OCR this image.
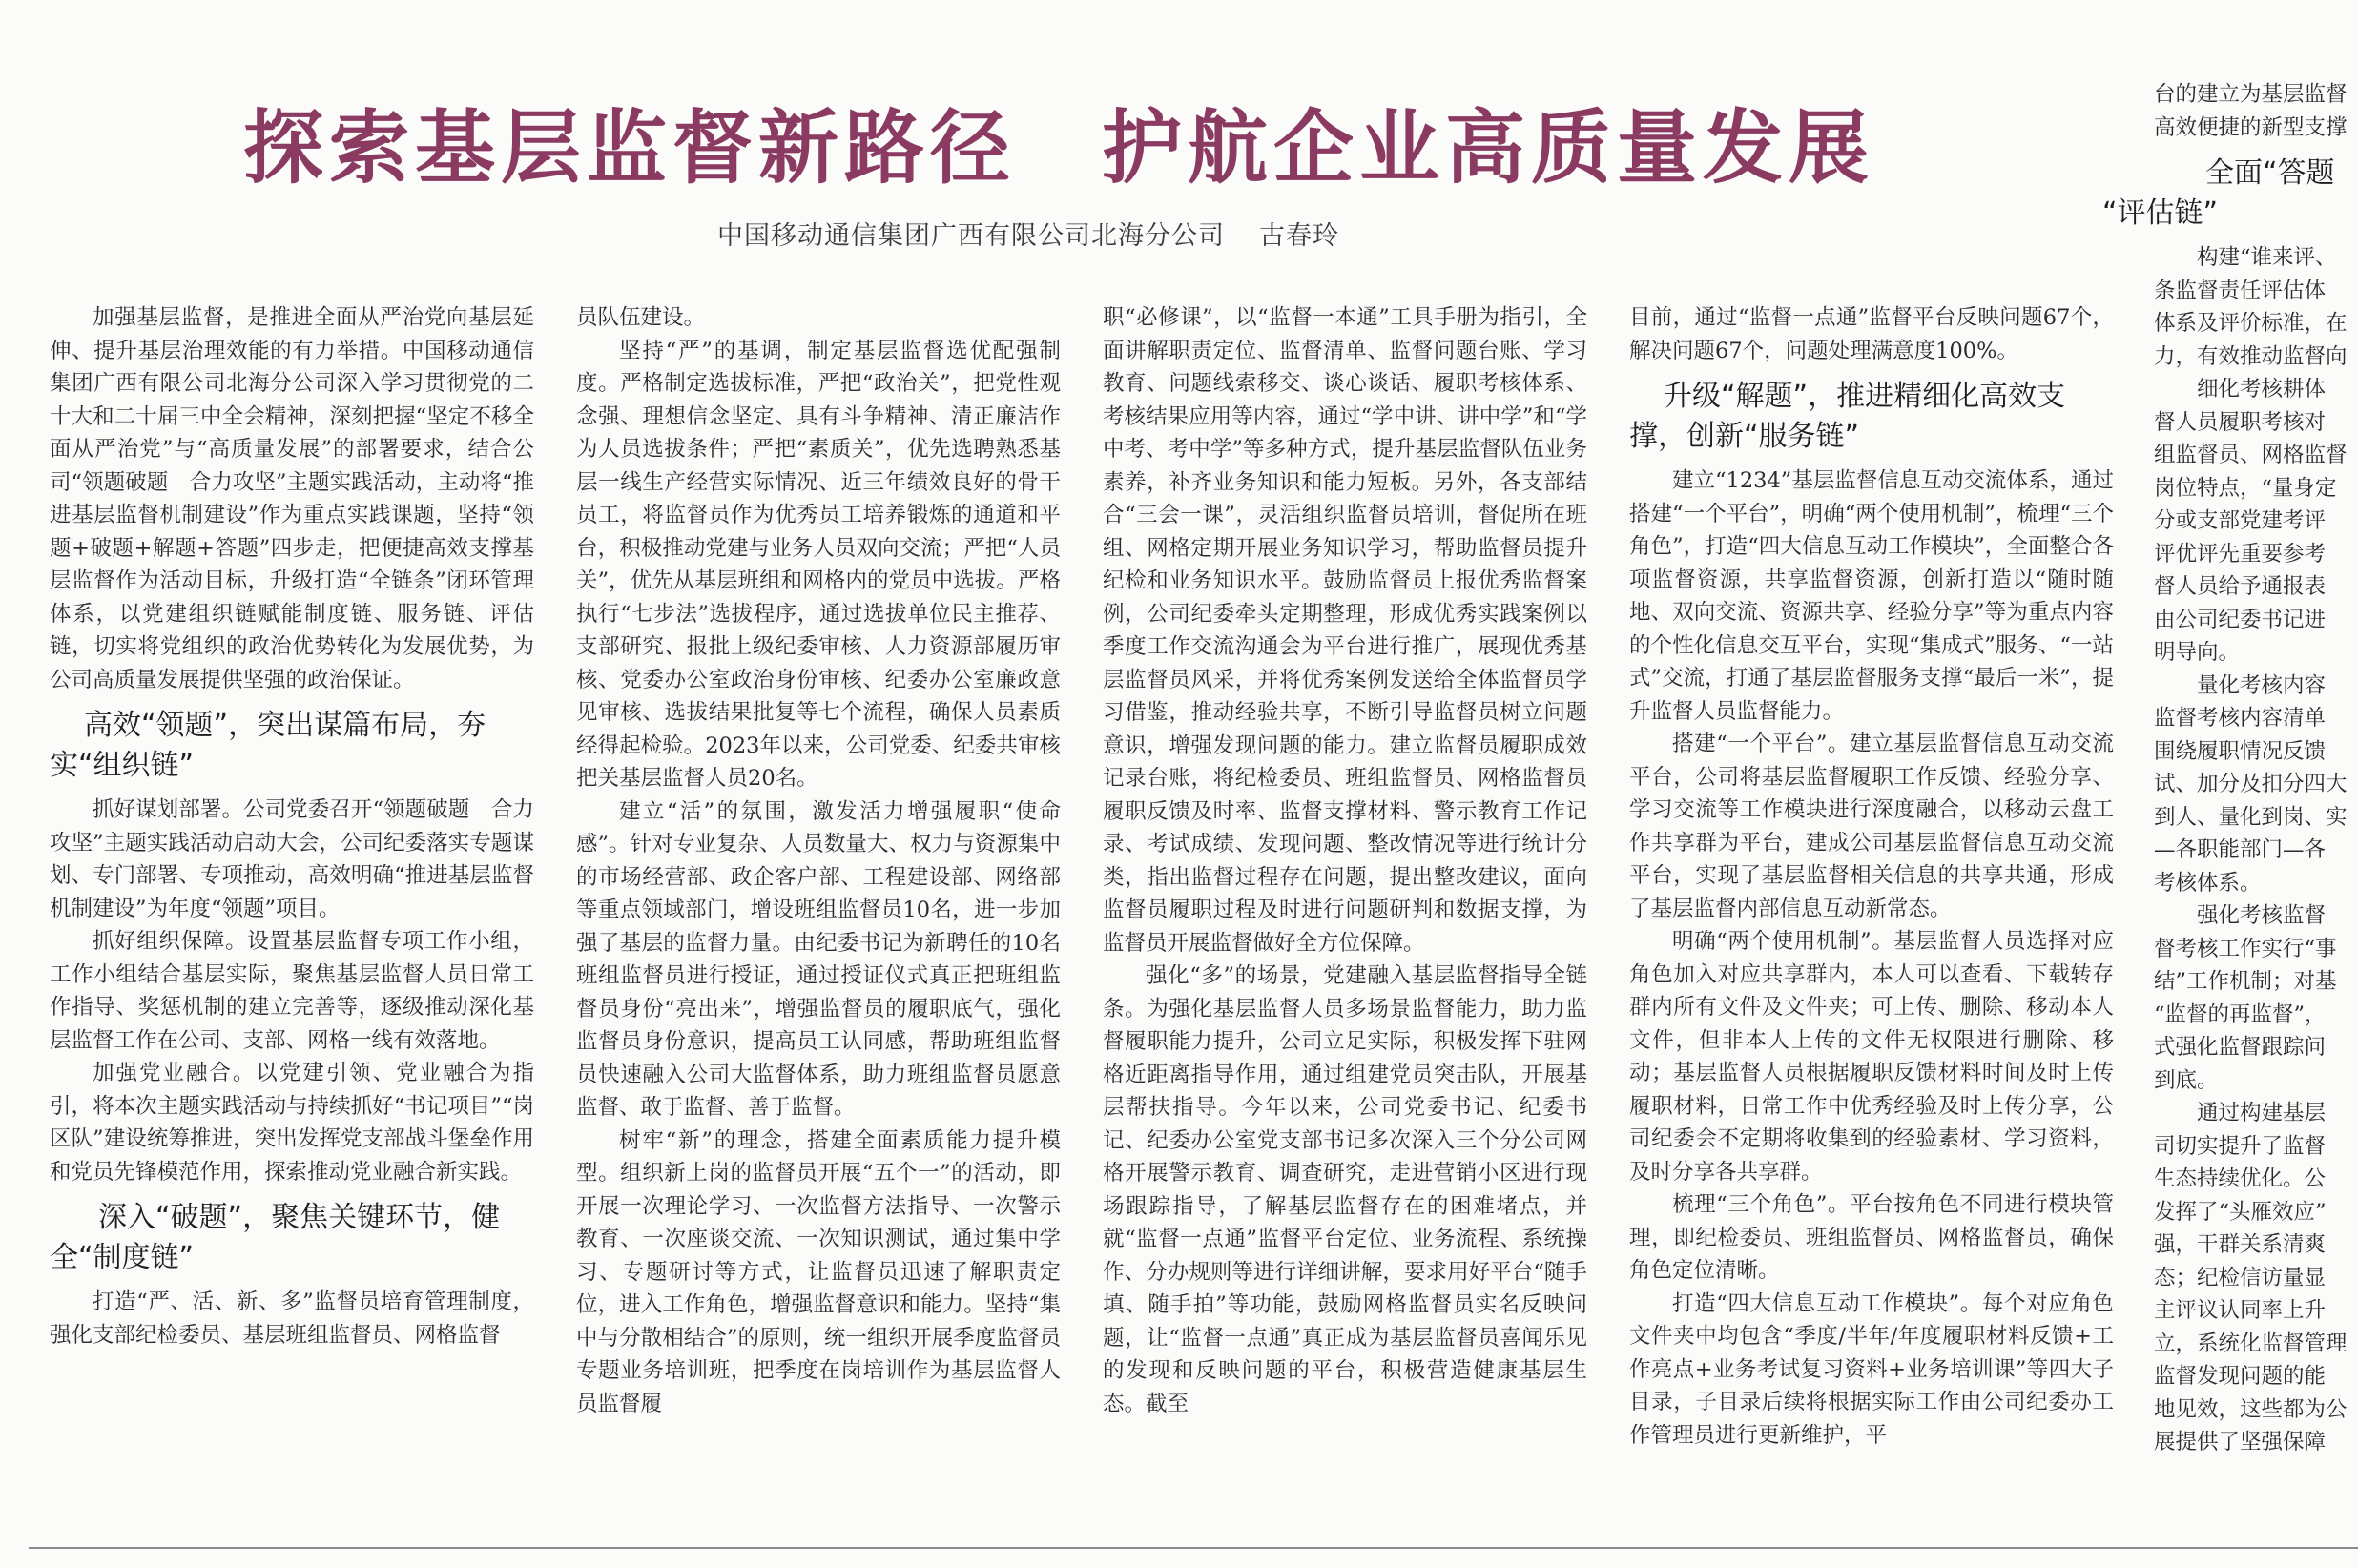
探索基层监督新路径　护航企业高质量发展
中国移动通信集团广西有限公司北海分公司 古春玲

加强基层监督，是推进全面从严治党向基层延伸、提升基层治理效能的有力举措。中国移动通信集团广西有限公司北海分公司深入学习贯彻党的二十大和二十届三中全会精神，深刻把握“坚定不移全面从严治党”与“高质量发展”的部署要求，结合公司“领题破题　合力攻坚”主题实践活动，主动将“推进基层监督机制建设”作为重点实践课题，坚持“领题+破题+解题+答题”四步走，把便捷高效支撑基层监督作为活动目标，升级打造“全链条”闭环管理体系，以党建组织链赋能制度链、服务链、评估链，切实将党组织的政治优势转化为发展优势，为公司高质量发展提供坚强的政治保证。

高效“领题”，突出谋篇布局，夯实“组织链”

抓好谋划部署。公司党委召开“领题破题　合力攻坚”主题实践活动启动大会，公司纪委落实专题谋划、专门部署、专项推动，高效明确“推进基层监督机制建设”为年度“领题”项目。

抓好组织保障。设置基层监督专项工作小组，工作小组结合基层实际，聚焦基层监督人员日常工作指导、奖惩机制的建立完善等，逐级推动深化基层监督工作在公司、支部、网格一线有效落地。

加强党业融合。以党建引领、党业融合为指引，将本次主题实践活动与持续抓好“书记项目”“岗区队”建设统筹推进，突出发挥党支部战斗堡垒作用和党员先锋模范作用，探索推动党业融合新实践。

深入“破题”，聚焦关键环节，健全“制度链”

打造“严、活、新、多”监督员培育管理制度，强化支部纪检委员、基层班组监督员、网格监督

员队伍建设。

坚持“严”的基调，制定基层监督选优配强制度。严格制定选拔标准，严把“政治关”，把党性观念强、理想信念坚定、具有斗争精神、清正廉洁作为人员选拔条件；严把“素质关”，优先选聘熟悉基层一线生产经营实际情况、近三年绩效良好的骨干员工，将监督员作为优秀员工培养锻炼的通道和平台，积极推动党建与业务人员双向交流；严把“人员关”，优先从基层班组和网格内的党员中选拔。严格执行“七步法”选拔程序，通过选拔单位民主推荐、支部研究、报批上级纪委审核、人力资源部履历审核、党委办公室政治身份审核、纪委办公室廉政意见审核、选拔结果批复等七个流程，确保人员素质经得起检验。2023年以来，公司党委、纪委共审核把关基层监督人员20名。

建立“活”的氛围，激发活力增强履职“使命感”。针对专业复杂、人员数量大、权力与资源集中的市场经营部、政企客户部、工程建设部、网络部等重点领域部门，增设班组监督员10名，进一步加强了基层的监督力量。由纪委书记为新聘任的10名班组监督员进行授证，通过授证仪式真正把班组监督员身份“亮出来”，增强监督员的履职底气，强化监督员身份意识，提高员工认同感，帮助班组监督员快速融入公司大监督体系，助力班组监督员愿意监督、敢于监督、善于监督。

树牢“新”的理念，搭建全面素质能力提升模型。组织新上岗的监督员开展“五个一”的活动，即开展一次理论学习、一次监督方法指导、一次警示教育、一次座谈交流、一次知识测试，通过集中学习、专题研讨等方式，让监督员迅速了解职责定位，进入工作角色，增强监督意识和能力。坚持“集中与分散相结合”的原则，统一组织开展季度监督员专题业务培训班，把季度在岗培训作为基层监督人员监督履

职“必修课”，以“监督一本通”工具手册为指引，全面讲解职责定位、监督清单、监督问题台账、学习教育、问题线索移交、谈心谈话、履职考核体系、考核结果应用等内容，通过“学中讲、讲中学”和“学中考、考中学”等多种方式，提升基层监督队伍业务素养，补齐业务知识和能力短板。另外，各支部结合“三会一课”，灵活组织监督员培训，督促所在班组、网格定期开展业务知识学习，帮助监督员提升纪检和业务知识水平。鼓励监督员上报优秀监督案例，公司纪委牵头定期整理，形成优秀实践案例以季度工作交流沟通会为平台进行推广，展现优秀基层监督员风采，并将优秀案例发送给全体监督员学习借鉴，推动经验共享，不断引导监督员树立问题意识，增强发现问题的能力。建立监督员履职成效记录台账，将纪检委员、班组监督员、网格监督员履职反馈及时率、监督支撑材料、警示教育工作记录、考试成绩、发现问题、整改情况等进行统计分类，指出监督过程存在问题，提出整改建议，面向监督员履职过程及时进行问题研判和数据支撑，为监督员开展监督做好全方位保障。

强化“多”的场景，党建融入基层监督指导全链条。为强化基层监督人员多场景监督能力，助力监督履职能力提升，公司立足实际，积极发挥下驻网格近距离指导作用，通过组建党员突击队，开展基层帮扶指导。今年以来，公司党委书记、纪委书记、纪委办公室党支部书记多次深入三个分公司网格开展警示教育、调查研究，走进营销小区进行现场跟踪指导，了解基层监督存在的困难堵点，并就“监督一点通”监督平台定位、业务流程、系统操作、分办规则等进行详细讲解，要求用好平台“随手填、随手拍”等功能，鼓励网格监督员实名反映问题，让“监督一点通”真正成为基层监督员喜闻乐见的发现和反映问题的平台，积极营造健康基层生态。截至

目前，通过“监督一点通”监督平台反映问题67个，解决问题67个，问题处理满意度100%。

升级“解题”，推进精细化高效支撑，创新“服务链”

建立“1234”基层监督信息互动交流体系，通过搭建“一个平台”，明确“两个使用机制”，梳理“三个角色”，打造“四大信息互动工作模块”，全面整合各项监督资源，共享监督资源，创新打造以“随时随地、双向交流、资源共享、经验分享”等为重点内容的个性化信息交互平台，实现“集成式”服务、“一站式”交流，打通了基层监督服务支撑“最后一米”，提升监督人员监督能力。

搭建“一个平台”。建立基层监督信息互动交流平台，公司将基层监督履职工作反馈、经验分享、学习交流等工作模块进行深度融合，以移动云盘工作共享群为平台，建成公司基层监督信息互动交流平台，实现了基层监督相关信息的共享共通，形成了基层监督内部信息互动新常态。

明确“两个使用机制”。基层监督人员选择对应角色加入对应共享群内，本人可以查看、下载转存群内所有文件及文件夹；可上传、删除、移动本人文件，但非本人上传的文件无权限进行删除、移动；基层监督人员根据履职反馈材料时间及时上传履职材料，日常工作中优秀经验及时上传分享，公司纪委会不定期将收集到的经验素材、学习资料，及时分享各共享群。

梳理“三个角色”。平台按角色不同进行模块管理，即纪检委员、班组监督员、网格监督员，确保角色定位清晰。

打造“四大信息互动工作模块”。每个对应角色文件夹中均包含“季度/半年/年度履职材料反馈+工作亮点+业务考试复习资料+业务培训课”等四大子目录，子目录后续将根据实际工作由公司纪委办工作管理员进行更新维护，平

台的建立为基层监督

高效便捷的新型支撑

全面“答题
“评估链”

构建“谁来评、

条监督责任评估体

体系及评价标准，在

力，有效推动监督向

细化考核耕体

督人员履职考核对

组监督员、网格监督

岗位特点，“量身定

分或支部党建考评

评优评先重要参考

督人员给予通报表

由公司纪委书记进

明导向。

量化考核内容

监督考核内容清单

围绕履职情况反馈

试、加分及扣分四大

到人、量化到岗、实

—各职能部门—各

考核体系。

强化考核监督

督考核工作实行“事

结”工作机制；对基

“监督的再监督”，

式强化监督跟踪问

到底。

通过构建基层

司切实提升了监督

生态持续优化。公

发挥了“头雁效应”

强，干群关系清爽

态；纪检信访量显

主评议认同率上升

立，系统化监督管理

监督发现问题的能

地见效，这些都为公

展提供了坚强保障
